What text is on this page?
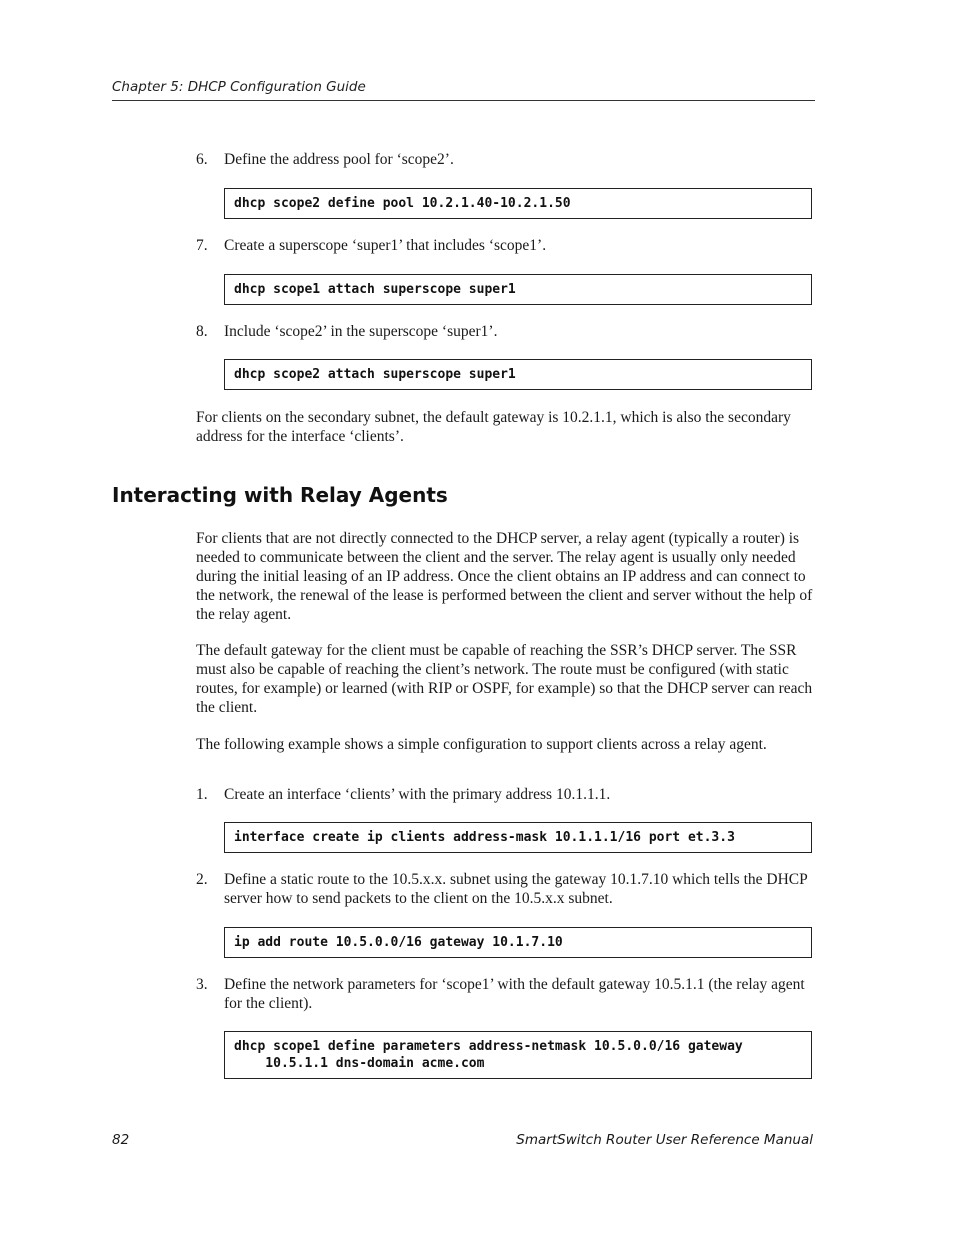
Chapter 5: DHCP Configuration Guide
6. Define the address pool for ‘scope2’.
dhcp scope2 define pool 10.2.1.40-10.2.1.50
7. Create a superscope ‘super1’ that includes ‘scope1’.
dhcp scope1 attach superscope super1
8. Include ‘scope2’ in the superscope ‘super1’.
dhcp scope2 attach superscope super1
For clients on the secondary subnet, the default gateway is 10.2.1.1, which is also the secondary address for the interface ‘clients’.
Interacting with Relay Agents
For clients that are not directly connected to the DHCP server, a relay agent (typically a router) is needed to communicate between the client and the server. The relay agent is usually only needed during the initial leasing of an IP address. Once the client obtains an IP address and can connect to the network, the renewal of the lease is performed between the client and server without the help of the relay agent.
The default gateway for the client must be capable of reaching the SSR’s DHCP server. The SSR must also be capable of reaching the client’s network. The route must be configured (with static routes, for example) or learned (with RIP or OSPF, for example) so that the DHCP server can reach the client.
The following example shows a simple configuration to support clients across a relay agent.
1. Create an interface ‘clients’ with the primary address 10.1.1.1.
interface create ip clients address-mask 10.1.1.1/16 port et.3.3
2. Define a static route to the 10.5.x.x. subnet using the gateway 10.1.7.10 which tells the DHCP server how to send packets to the client on the 10.5.x.x subnet.
ip add route 10.5.0.0/16 gateway 10.1.7.10
3. Define the network parameters for ‘scope1’ with the default gateway 10.5.1.1 (the relay agent for the client).
dhcp scope1 define parameters address-netmask 10.5.0.0/16 gateway
10.5.1.1 dns-domain acme.com
82	SmartSwitch Router User Reference Manual
